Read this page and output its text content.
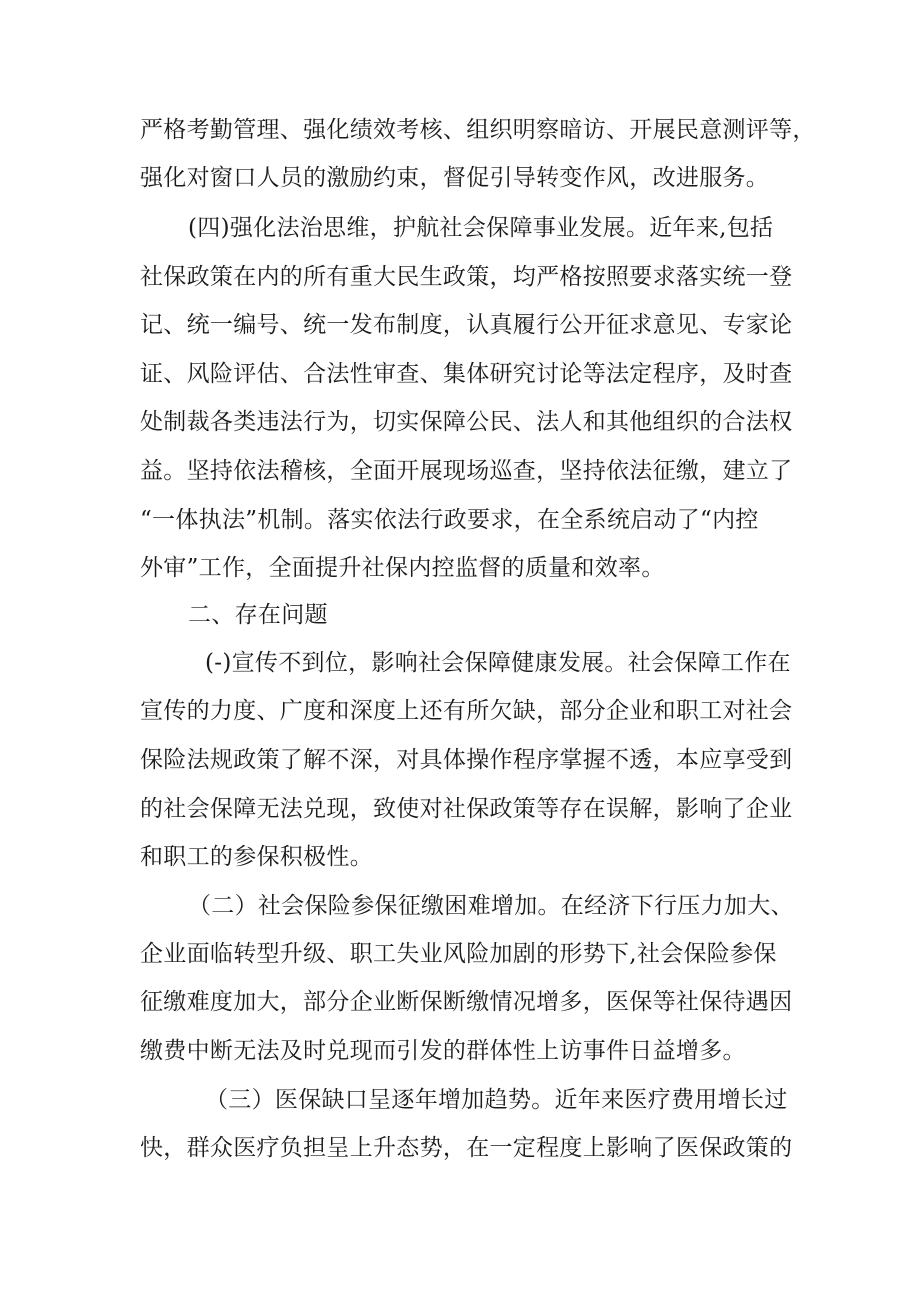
严格考勤管理、强化绩效考核、组织明察暗访、开展民意测评等，
强化对窗口人员的激励约束，督促引导转变作风，改进服务。
(四)强化法治思维，护航社会保障事业发展。近年来,包括
社保政策在内的所有重大民生政策，均严格按照要求落实统一登
记、统一编号、统一发布制度，认真履行公开征求意见、专家论
证、风险评估、合法性审查、集体研究讨论等法定程序，及时查
处制裁各类违法行为，切实保障公民、法人和其他组织的合法权
益。坚持依法稽核，全面开展现场巡查，坚持依法征缴，建立了
“一体执法”机制。落实依法行政要求，在全系统启动了“内控
外审”工作，全面提升社保内控监督的质量和效率。
二、存在问题
(-)宣传不到位，影响社会保障健康发展。社会保障工作在
宣传的力度、广度和深度上还有所欠缺，部分企业和职工对社会
保险法规政策了解不深，对具体操作程序掌握不透，本应享受到
的社会保障无法兑现，致使对社保政策等存在误解，影响了企业
和职工的参保积极性。
（二）社会保险参保征缴困难增加。在经济下行压力加大、
企业面临转型升级、职工失业风险加剧的形势下,社会保险参保
征缴难度加大，部分企业断保断缴情况增多，医保等社保待遇因
缴费中断无法及时兑现而引发的群体性上访事件日益增多。
（三）医保缺口呈逐年增加趋势。近年来医疗费用增长过
快，群众医疗负担呈上升态势，在一定程度上影响了医保政策的
